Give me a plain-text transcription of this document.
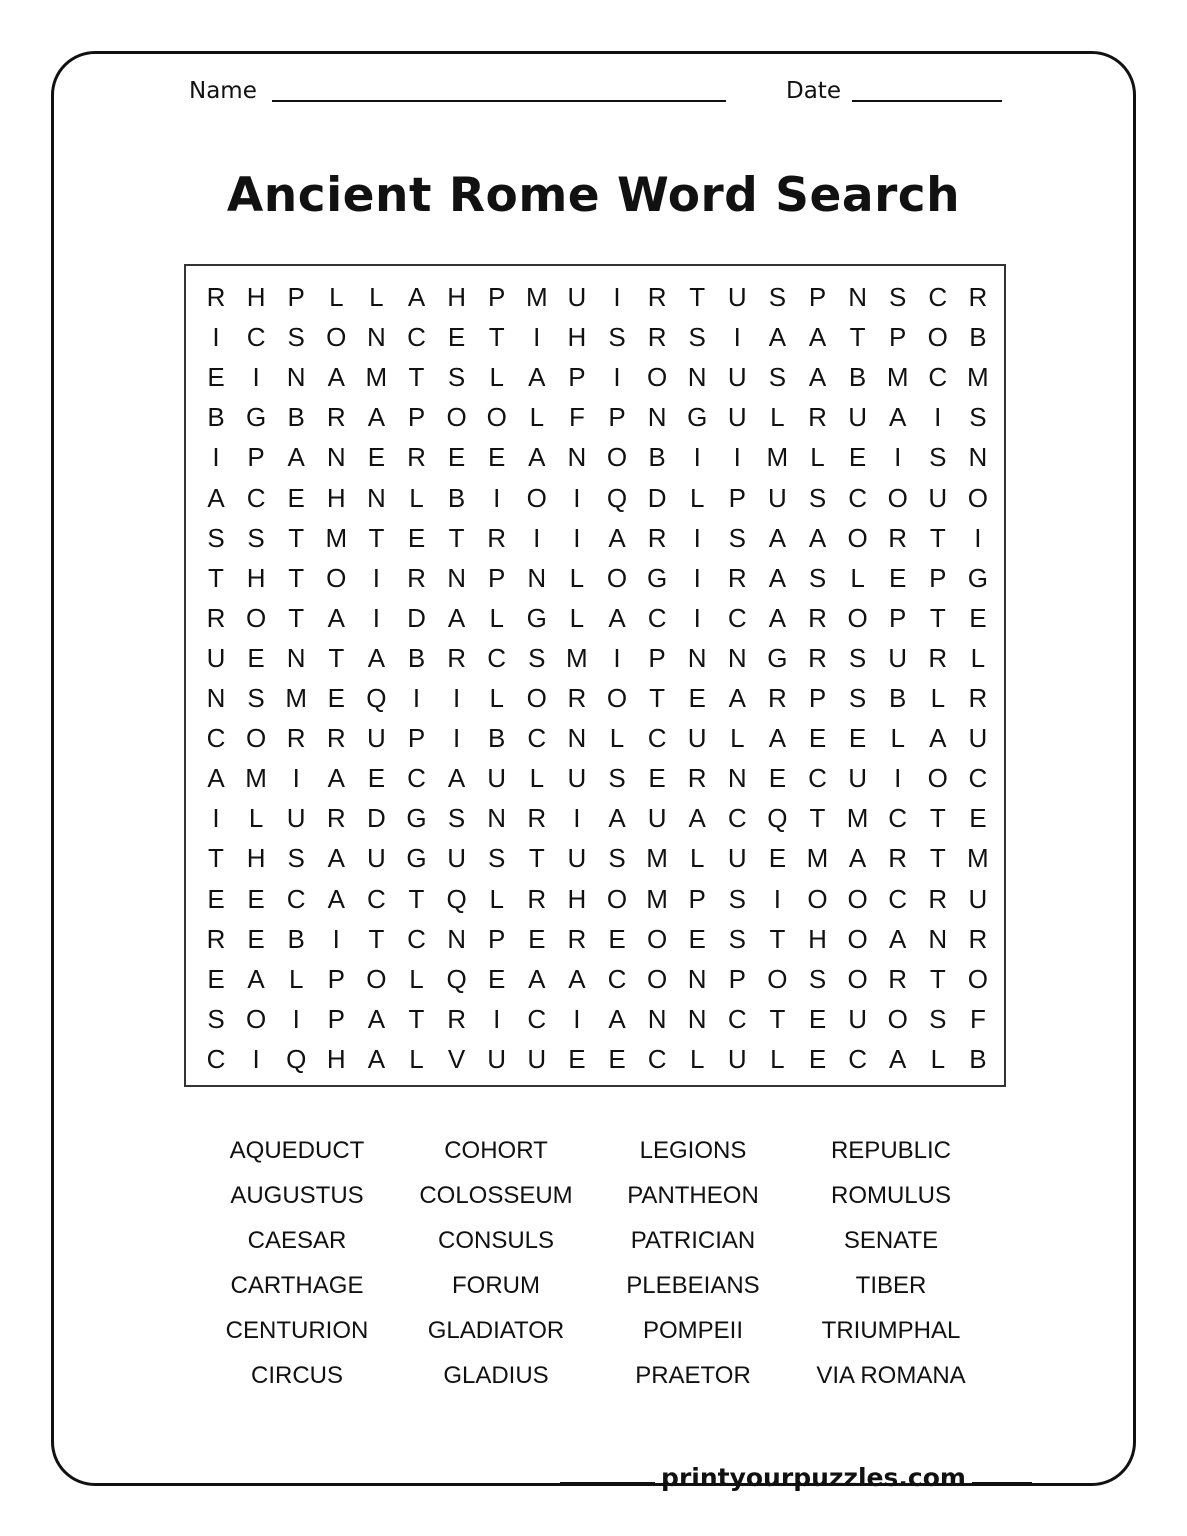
Name	Date
Ancient Rome Word Search
R H P L L A H P M U	I	R T U S P N S C R
I	C S O N C E T	I	H S R S	I	A A T P O B
E	I	N A M T S L A P	I	O N U S A B M C M
B G B R A P O O L F P N G U L R U A	I	S
I	P A N E R E E A N O B	I	I M L E	I	S N
A C E H N L B	I	O	I	Q D L P U S C O U O
S S T M T E T R	I	I	A R	I	S A A O R T	I
T H T O	I	R N P N L O G	I	R A S L E P G
R O T A	I	D A L G L A C	I	C A R O P T E
U E N T A B R C S M I	P N N G R S U R L
N S M E Q	I	I	L O R O T E A R P S B L R
C O R R U P	I	B C N L C U L A E E L A U
A M I	A E C A U L U S E R N E C U	I	O C
I	L U R D G S N R	I	A U A C Q T M C T E
T H S A U G U S T U S M L U E M A R T M
E E C A C T Q L R H O M P S	I	O O C R U
R E B	I	T C N P E R E O E S T H O A N R
E A L P O L Q E A A C O N P O S O R T O
S O	I	P A T R	I	C	I	A N N C T E U O S F
C	I	Q H A L V U U E E C L U L E C A L B
AQUEDUCT
AUGUSTUS
CAESAR
CARTHAGE
CENTURION
CIRCUS
COHORT
COLOSSEUM
CONSULS
FORUM
GLADIATOR
GLADIUS
LEGIONS
PANTHEON
PATRICIAN
PLEBEIANS
POMPEII
PRAETOR
REPUBLIC
ROMULUS
SENATE
TIBER
TRIUMPHAL
VIA ROMANA
printyourpuzzles.com
